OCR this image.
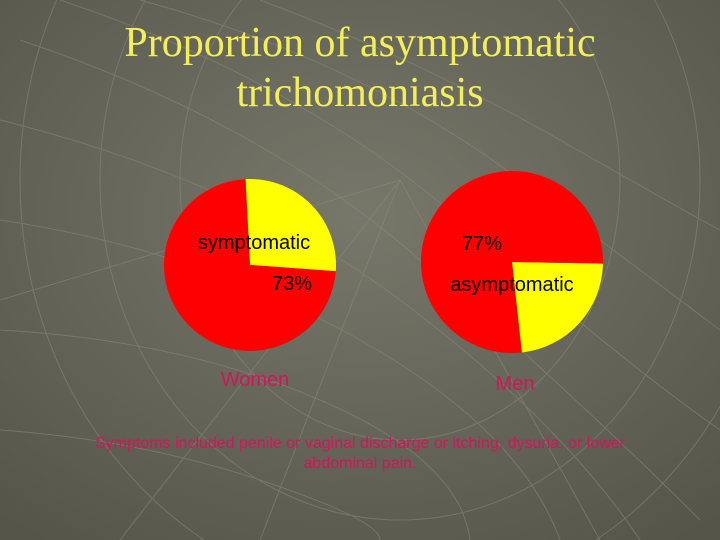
Proportion of asymptomatic trichomoniasis
symptomatic
73%
Women
77%
asymptomatic
Men
Symptoms included penile or vaginal discharge or itching, dysuria, or lower abdominal pain.
